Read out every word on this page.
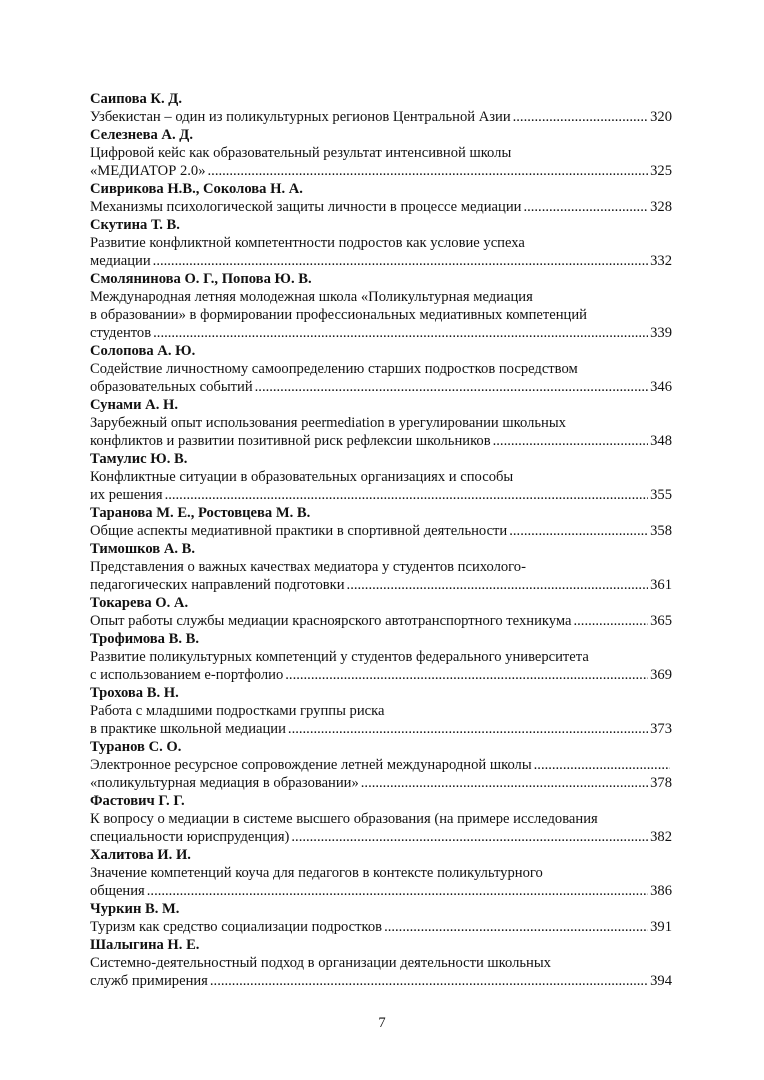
Саипова К. Д.
Узбекистан – один из поликультурных регионов Центральной Азии .....	320
Селезнева А. Д.
Цифровой кейс как образовательный результат интенсивной школы
«МЕДИАТОР 2.0» .....	325
Сиврикова Н.В., Соколова Н. А.
Механизмы психологической защиты личности в процессе медиации .....	328
Скутина Т. В.
Развитие конфликтной компетентности подростов как условие успеха
медиации .....	332
Смолянинова О. Г., Попова Ю. В.
Международная летняя молодежная школа «Поликультурная медиация
в образовании» в формировании профессиональных медиативных компетенций
студентов .....	339
Солопова А. Ю.
Содействие личностному самоопределению старших подростков посредством
образовательных событий .....	346
Сунами А. Н.
Зарубежный опыт использования peermediation в урегулировании школьных
конфликтов и развитии позитивной риск рефлексии школьников .....	348
Тамулис Ю. В.
Конфликтные ситуации в образовательных организациях и способы
их решения .....	355
Таранова М. Е., Ростовцева М. В.
Общие аспекты медиативной практики в спортивной деятельности .....	358
Тимошков А. В.
Представления о важных качествах медиатора у студентов психолого-
педагогических направлений подготовки .....	361
Токарева О. А.
Опыт работы службы медиации красноярского автотранспортного техникума .....	365
Трофимова В. В.
Развитие поликультурных компетенций у студентов федерального университета
с использованием е-портфолио .....	369
Трохова В. Н.
Работа с младшими подростками группы риска
в практике школьной медиации .....	373
Туранов С. О.
Электронное ресурсное сопровождение летней международной школы
.....
«поликультурная медиация в образовании» .....	378
Фастович Г. Г.
К вопросу о медиации в системе высшего образования (на примере исследования
специальности юриспруденция) .....	382
Халитова И. И.
Значение компетенций коуча для педагогов в контексте поликультурного
общения .....	386
Чуркин В. М.
Туризм как средство социализации подростков .....	391
Шалыгина Н. Е.
Системно-деятельностный подход в организации деятельности школьных
служб примирения .....	394
7
